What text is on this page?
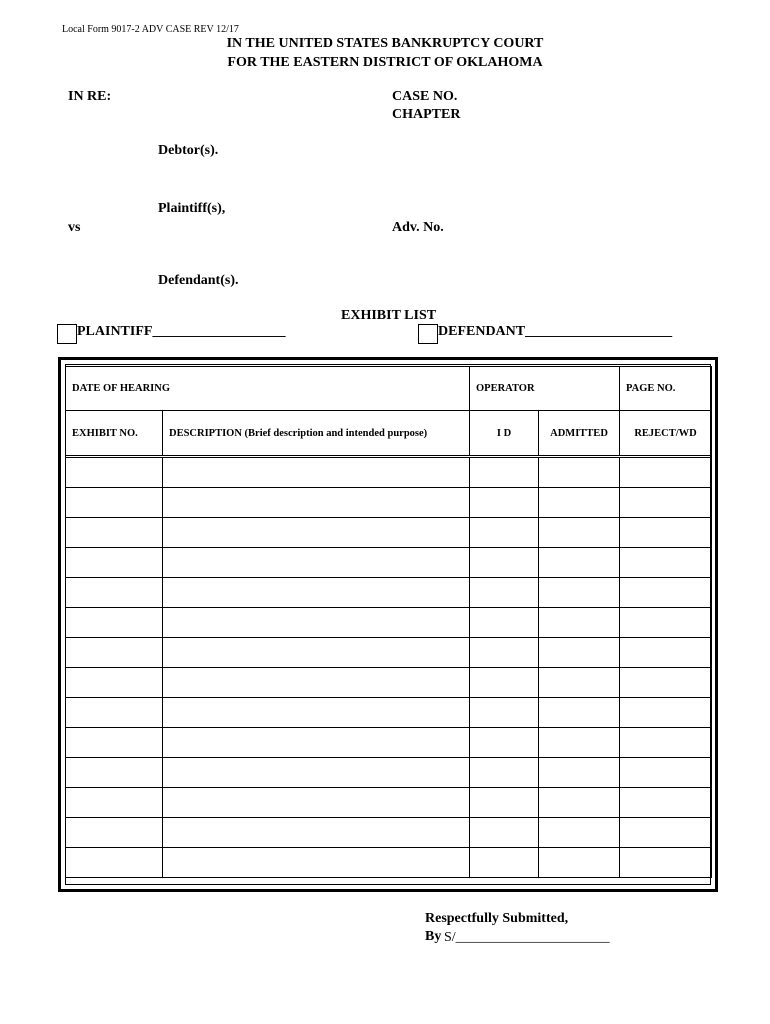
Local Form 9017-2 ADV CASE REV 12/17
IN THE UNITED STATES BANKRUPTCY COURT
FOR THE EASTERN DISTRICT OF OKLAHOMA
IN RE:	CASE NO.
CHAPTER
Debtor(s).
Plaintiff(s),
vs	Adv. No.
Defendant(s).
EXHIBIT LIST
PLAINTIFF___________________	DEFENDANT_____________________
DATE OF HEARING		OPERATOR		PAGE NO.
EXHIBIT NO.	DESCRIPTION (Brief description and intended purpose)	I D	ADMITTED	REJECT/WD

Respectfully Submitted,
By S/______________________
